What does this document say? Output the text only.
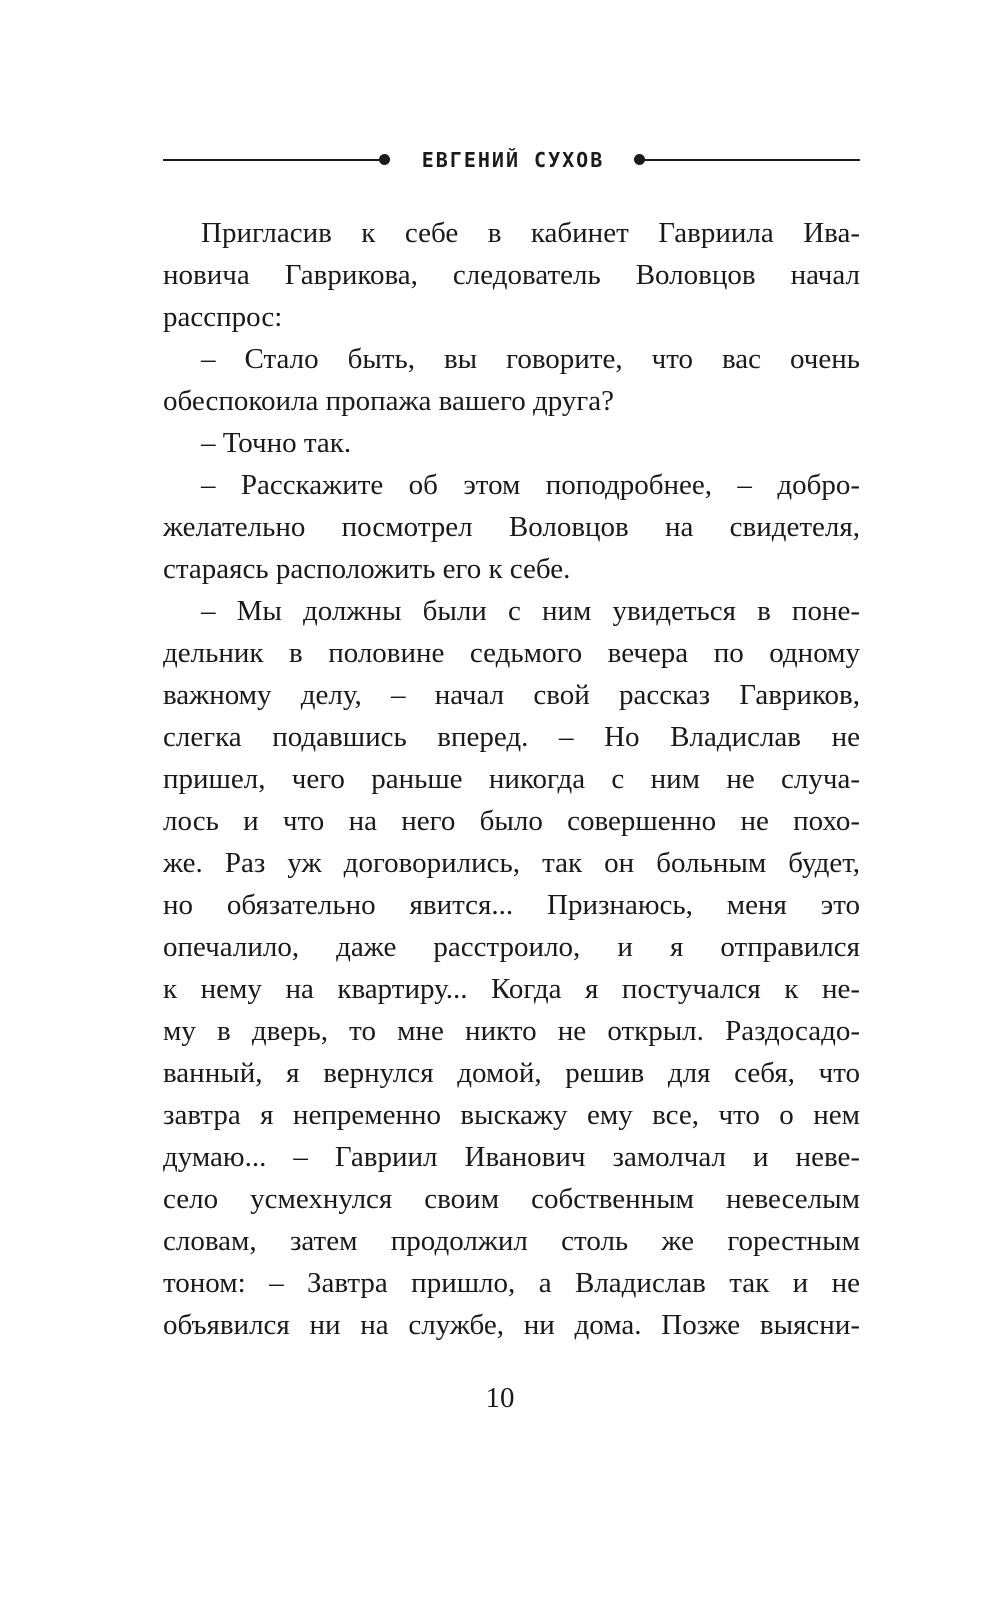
ЕВГЕНИЙ СУХОВ
Пригласив к себе в кабинет Гавриила Ива-
новича Гаврикова, следователь Воловцов начал
расспрос:
– Стало быть, вы говорите, что вас очень
обеспокоила пропажа вашего друга?
– Точно так.
– Расскажите об этом поподробнее, – добро-
желательно посмотрел Воловцов на свидетеля,
стараясь расположить его к себе.
– Мы должны были с ним увидеться в поне-
дельник в половине седьмого вечера по одному
важному делу, – начал свой рассказ Гавриков,
слегка подавшись вперед. – Но Владислав не
пришел, чего раньше никогда с ним не случа-
лось и что на него было совершенно не похо-
же. Раз уж договорились, так он больным будет,
но обязательно явится... Признаюсь, меня это
опечалило, даже расстроило, и я отправился
к нему на квартиру... Когда я постучался к не-
му в дверь, то мне никто не открыл. Раздосадо-
ванный, я вернулся домой, решив для себя, что
завтра я непременно выскажу ему все, что о нем
думаю... – Гавриил Иванович замолчал и неве-
село усмехнулся своим собственным невеселым
словам, затем продолжил столь же горестным
тоном: – Завтра пришло, а Владислав так и не
объявился ни на службе, ни дома. Позже выясни-
10
